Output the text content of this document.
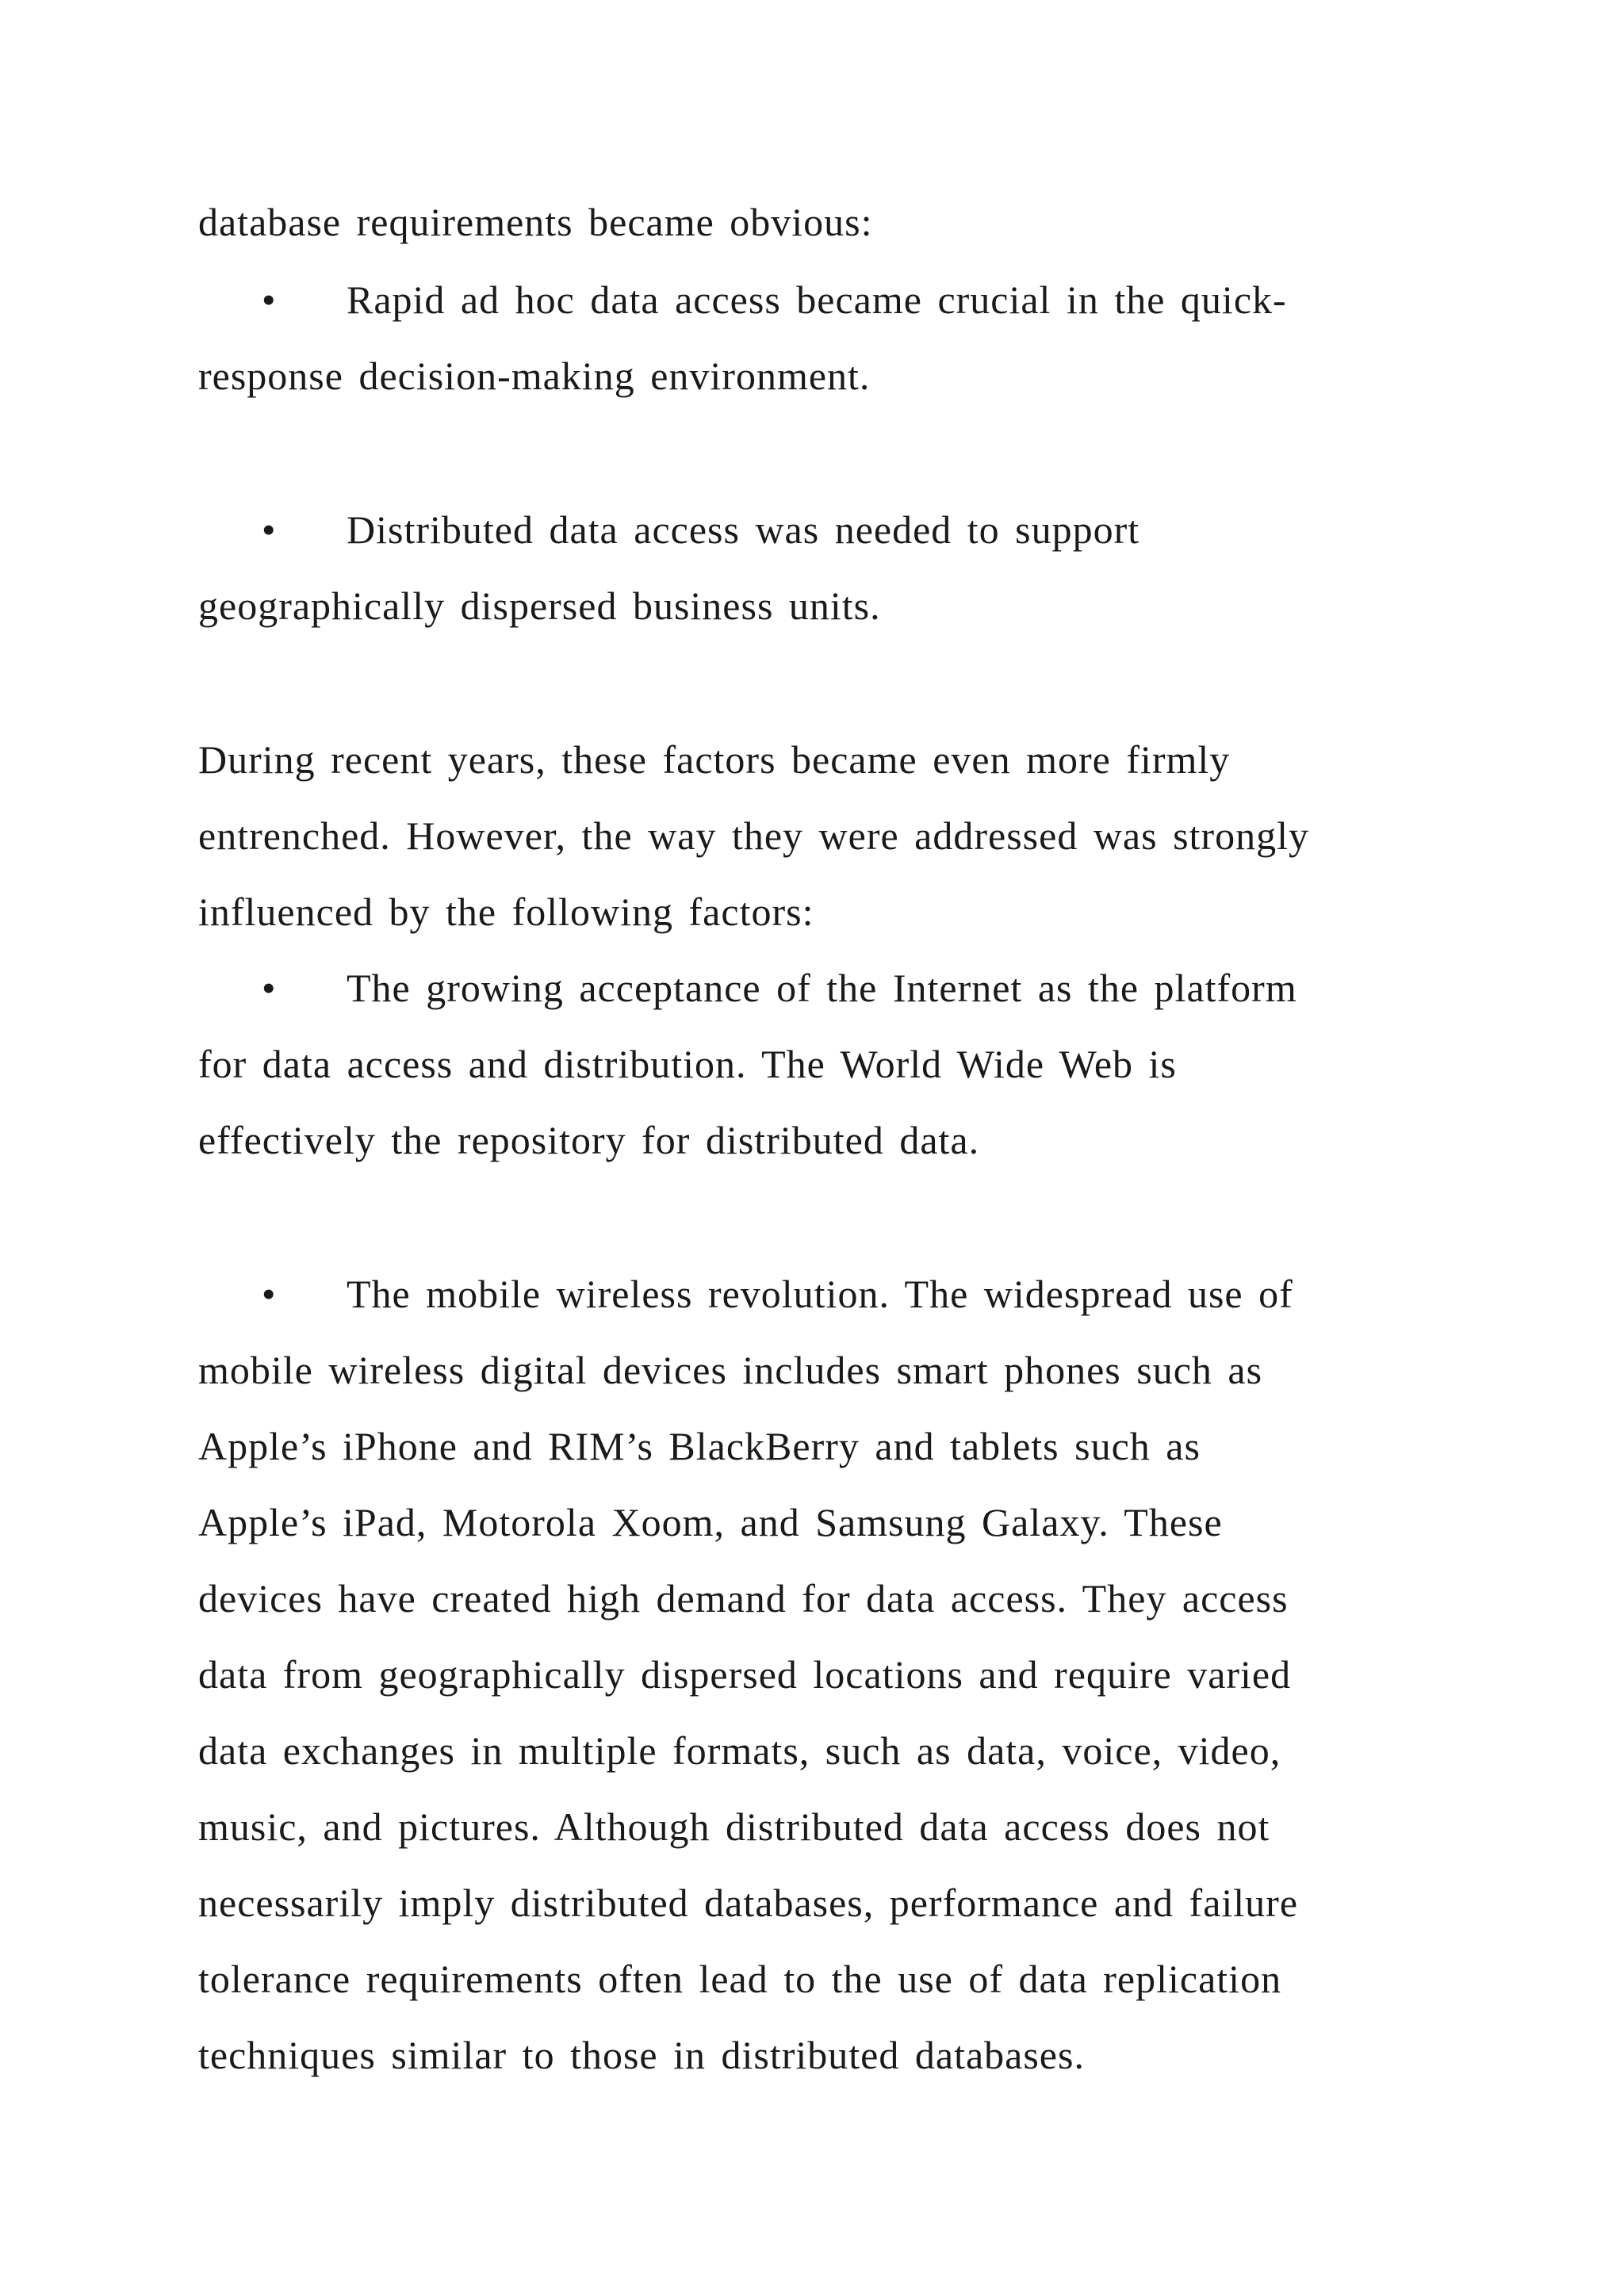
database requirements became obvious:

• Rapid ad hoc data access became crucial in the quick-

response decision-making environment.

• Distributed data access was needed to support

geographically dispersed business units.

During recent years, these factors became even more firmly

entrenched. However, the way they were addressed was strongly

influenced by the following factors:

• The growing acceptance of the Internet as the platform

for data access and distribution. The World Wide Web is

effectively the repository for distributed data.

• The mobile wireless revolution. The widespread use of

mobile wireless digital devices includes smart phones such as

Apple’s iPhone and RIM’s BlackBerry and tablets such as

Apple’s iPad, Motorola Xoom, and Samsung Galaxy. These

devices have created high demand for data access. They access

data from geographically dispersed locations and require varied

data exchanges in multiple formats, such as data, voice, video,

music, and pictures. Although distributed data access does not

necessarily imply distributed databases, performance and failure

tolerance requirements often lead to the use of data replication

techniques similar to those in distributed databases.
